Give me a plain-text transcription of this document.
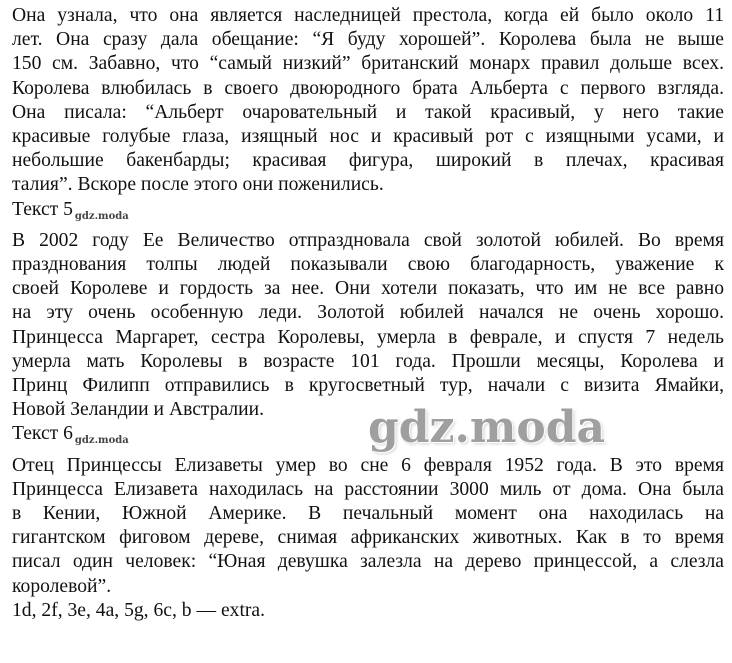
Она узнала, что она является наследницей престола, когда ей было около 11
лет. Она сразу дала обещание: “Я буду хорошей”. Королева была не выше
150 см. Забавно, что “самый низкий” британский монарх правил дольше всех.
Королева влюбилась в своего двоюродного брата Альберта с первого взгляда.
Она писала: “Альберт очаровательный и такой красивый, у него такие
красивые голубые глаза, изящный нос и красивый рот с изящными усами, и
небольшие бакенбарды; красивая фигура, широкий в плечах, красивая
талия”. Вскоре после этого они поженились.
Текст 5 $_{gdz.moda}$
В 2002 году Ее Величество отпраздновала свой золотой юбилей. Во время
празднования толпы людей показывали свою благодарность, уважение к
своей Королеве и гордость за нее. Они хотели показать, что им не все равно
на эту очень особенную леди. Золотой юбилей начался не очень хорошо.
Принцесса Маргарет, сестра Королевы, умерла в феврале, и спустя 7 недель
умерла мать Королевы в возрасте 101 года. Прошли месяцы, Королева и
Принц Филипп отправились в кругосветный тур, начали с визита Ямайки,
Новой Зеландии и Австралии.
Текст 6 $_{gdz.moda}$
Отец Принцессы Елизаветы умер во сне 6 февраля 1952 года. В это время
Принцесса Елизавета находилась на расстоянии 3000 миль от дома. Она была
в Кении, Южной Америке. В печальный момент она находилась на
гигантском фиговом дереве, снимая африканских животных. Как в то время
писал один человек: “Юная девушка залезла на дерево принцессой, а слезла
королевой”.
1d, 2f, 3e, 4a, 5g, 6c, b — extra.
gdz.moda
